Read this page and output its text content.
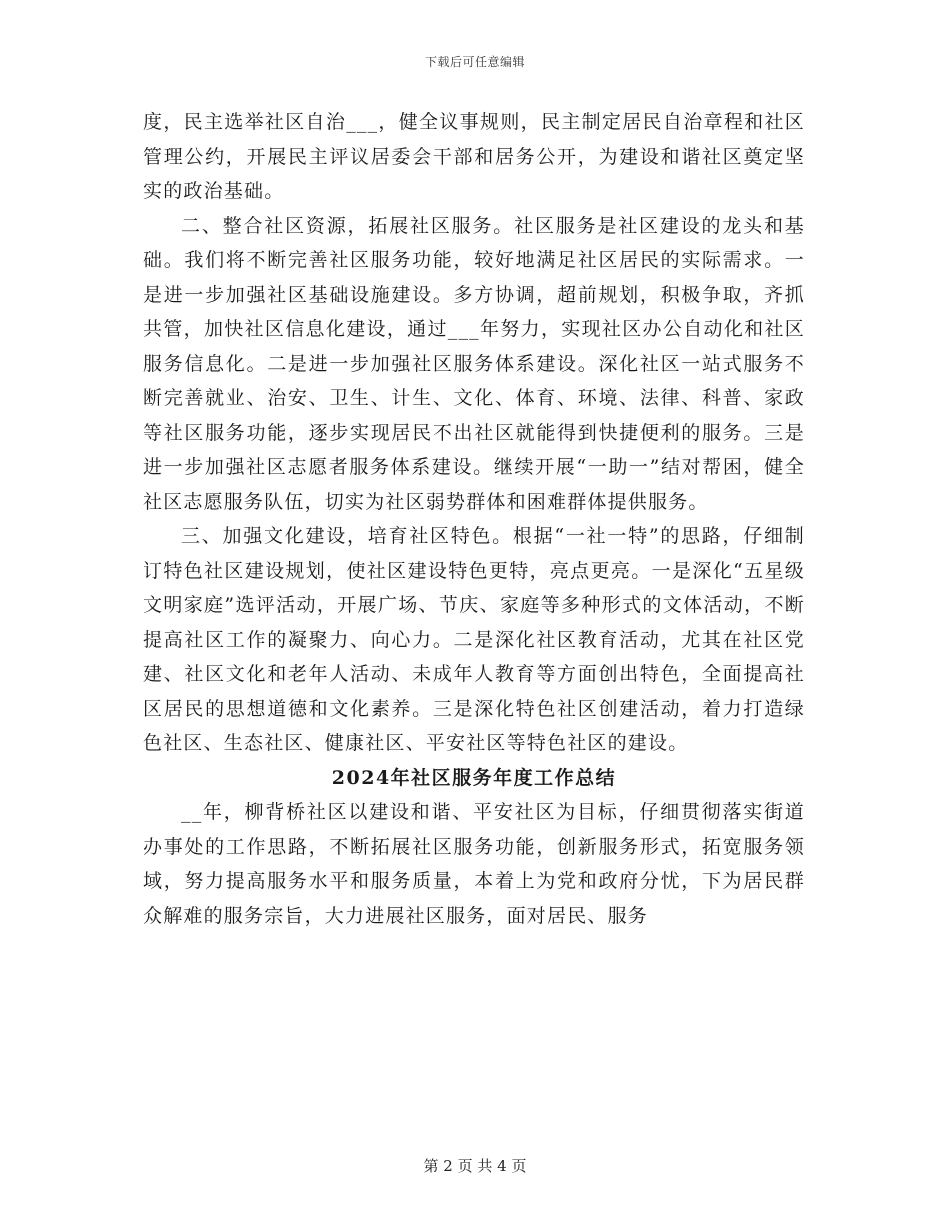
下载后可任意编辑

度，民主选举社区自治___，健全议事规则，民主制定居民自治章程和社区管理公约，开展民主评议居委会干部和居务公开，为建设和谐社区奠定坚实的政治基础。

二、整合社区资源，拓展社区服务。社区服务是社区建设的龙头和基础。我们将不断完善社区服务功能，较好地满足社区居民的实际需求。一是进一步加强社区基础设施建设。多方协调，超前规划，积极争取，齐抓共管，加快社区信息化建设，通过___年努力，实现社区办公自动化和社区服务信息化。二是进一步加强社区服务体系建设。深化社区一站式服务不断完善就业、治安、卫生、计生、文化、体育、环境、法律、科普、家政等社区服务功能，逐步实现居民不出社区就能得到快捷便利的服务。三是进一步加强社区志愿者服务体系建设。继续开展“一助一”结对帮困，健全社区志愿服务队伍，切实为社区弱势群体和困难群体提供服务。

三、加强文化建设，培育社区特色。根据“一社一特”的思路，仔细制订特色社区建设规划，使社区建设特色更特，亮点更亮。一是深化“五星级文明家庭”选评活动，开展广场、节庆、家庭等多种形式的文体活动，不断提高社区工作的凝聚力、向心力。二是深化社区教育活动，尤其在社区党建、社区文化和老年人活动、未成年人教育等方面创出特色，全面提高社区居民的思想道德和文化素养。三是深化特色社区创建活动，着力打造绿色社区、生态社区、健康社区、平安社区等特色社区的建设。

2024年社区服务年度工作总结

__年，柳背桥社区以建设和谐、平安社区为目标，仔细贯彻落实街道办事处的工作思路，不断拓展社区服务功能，创新服务形式，拓宽服务领域，努力提高服务水平和服务质量，本着上为党和政府分忧，下为居民群众解难的服务宗旨，大力进展社区服务，面对居民、服务

第 2 页 共 4 页
